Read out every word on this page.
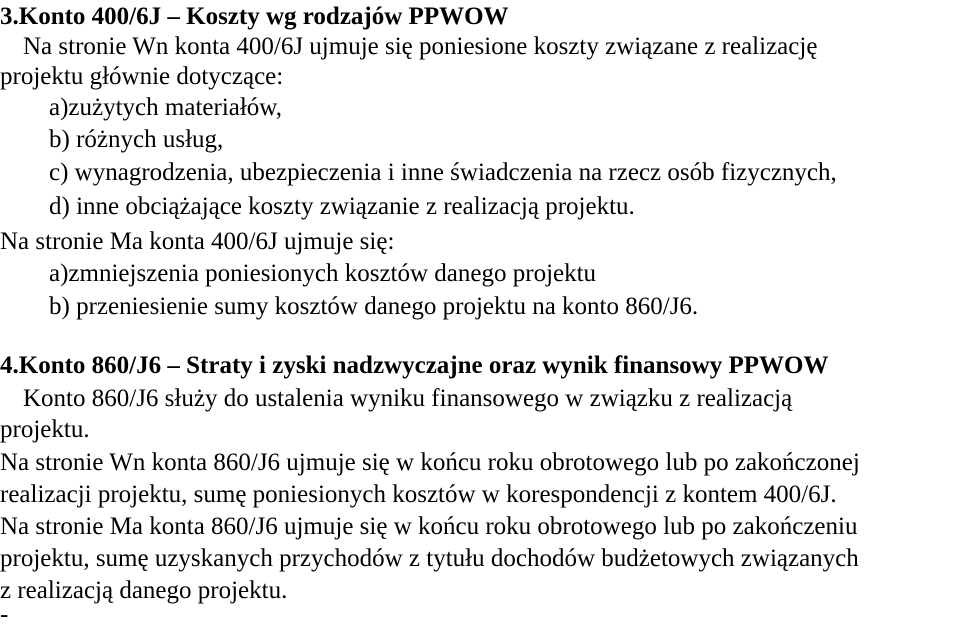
3.Konto 400/6J – Koszty wg rodzajów PPWOW
Na stronie Wn konta 400/6J ujmuje się poniesione koszty związane z realizację
projektu głównie dotyczące:
a)zużytych materiałów,
b) różnych usług,
c) wynagrodzenia, ubezpieczenia i inne świadczenia na rzecz osób fizycznych,
d) inne obciążające koszty związanie z realizacją projektu.
Na stronie Ma konta 400/6J ujmuje się:
a)zmniejszenia poniesionych kosztów danego projektu
b) przeniesienie sumy kosztów danego projektu na konto 860/J6.
4.Konto 860/J6 – Straty i zyski nadzwyczajne oraz wynik finansowy PPWOW
Konto 860/J6 służy do ustalenia wyniku finansowego w związku z realizacją
projektu.
Na stronie Wn konta 860/J6 ujmuje się w końcu roku obrotowego lub po zakończonej
realizacji projektu, sumę poniesionych kosztów w korespondencji z kontem 400/6J.
Na stronie Ma konta 860/J6 ujmuje się w końcu roku obrotowego lub po zakończeniu
projektu, sumę uzyskanych przychodów z tytułu dochodów budżetowych związanych
z realizacją danego projektu.
-
